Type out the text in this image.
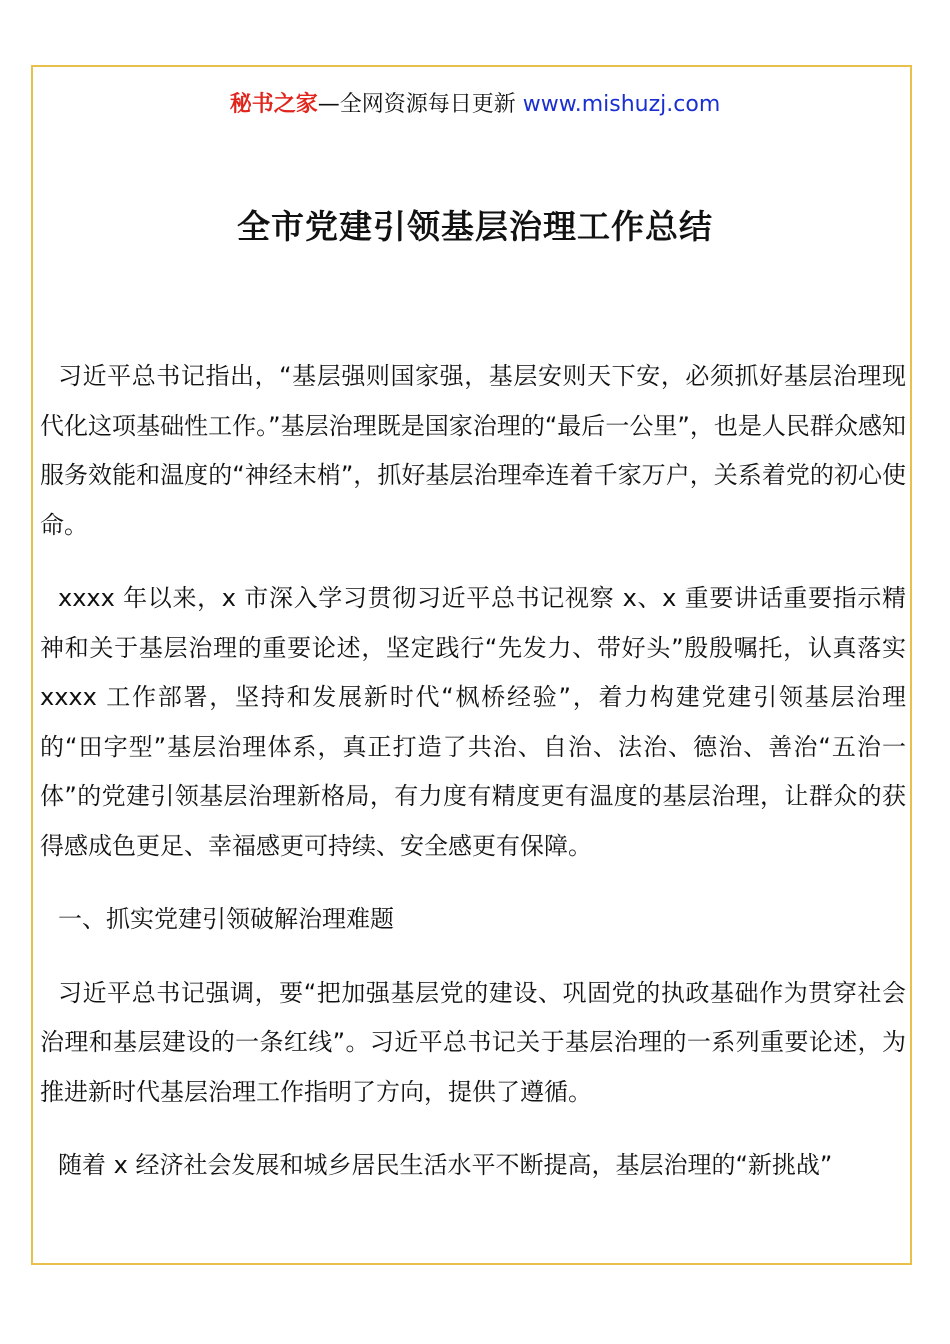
秘书之家—全网资源每日更新 www.mishuzj.com
全市党建引领基层治理工作总结

习近平总书记指出，“基层强则国家强，基层安则天下安，必须抓好基层治理现代化这项基础性工作。”基层治理既是国家治理的“最后一公里”，也是人民群众感知服务效能和温度的“神经末梢”，抓好基层治理牵连着千家万户，关系着党的初心使命。

xxxx 年以来，x 市深入学习贯彻习近平总书记视察 x、x 重要讲话重要指示精神和关于基层治理的重要论述，坚定践行“先发力、带好头”殷殷嘱托，认真落实 xxxx 工作部署，坚持和发展新时代“枫桥经验”，着力构建党建引领基层治理的“田字型”基层治理体系，真正打造了共治、自治、法治、德治、善治“五治一体”的党建引领基层治理新格局，有力度有精度更有温度的基层治理，让群众的获得感成色更足、幸福感更可持续、安全感更有保障。

一、抓实党建引领破解治理难题

习近平总书记强调，要“把加强基层党的建设、巩固党的执政基础作为贯穿社会治理和基层建设的一条红线”。习近平总书记关于基层治理的一系列重要论述，为推进新时代基层治理工作指明了方向，提供了遵循。

随着 x 经济社会发展和城乡居民生活水平不断提高，基层治理的“新挑战”
